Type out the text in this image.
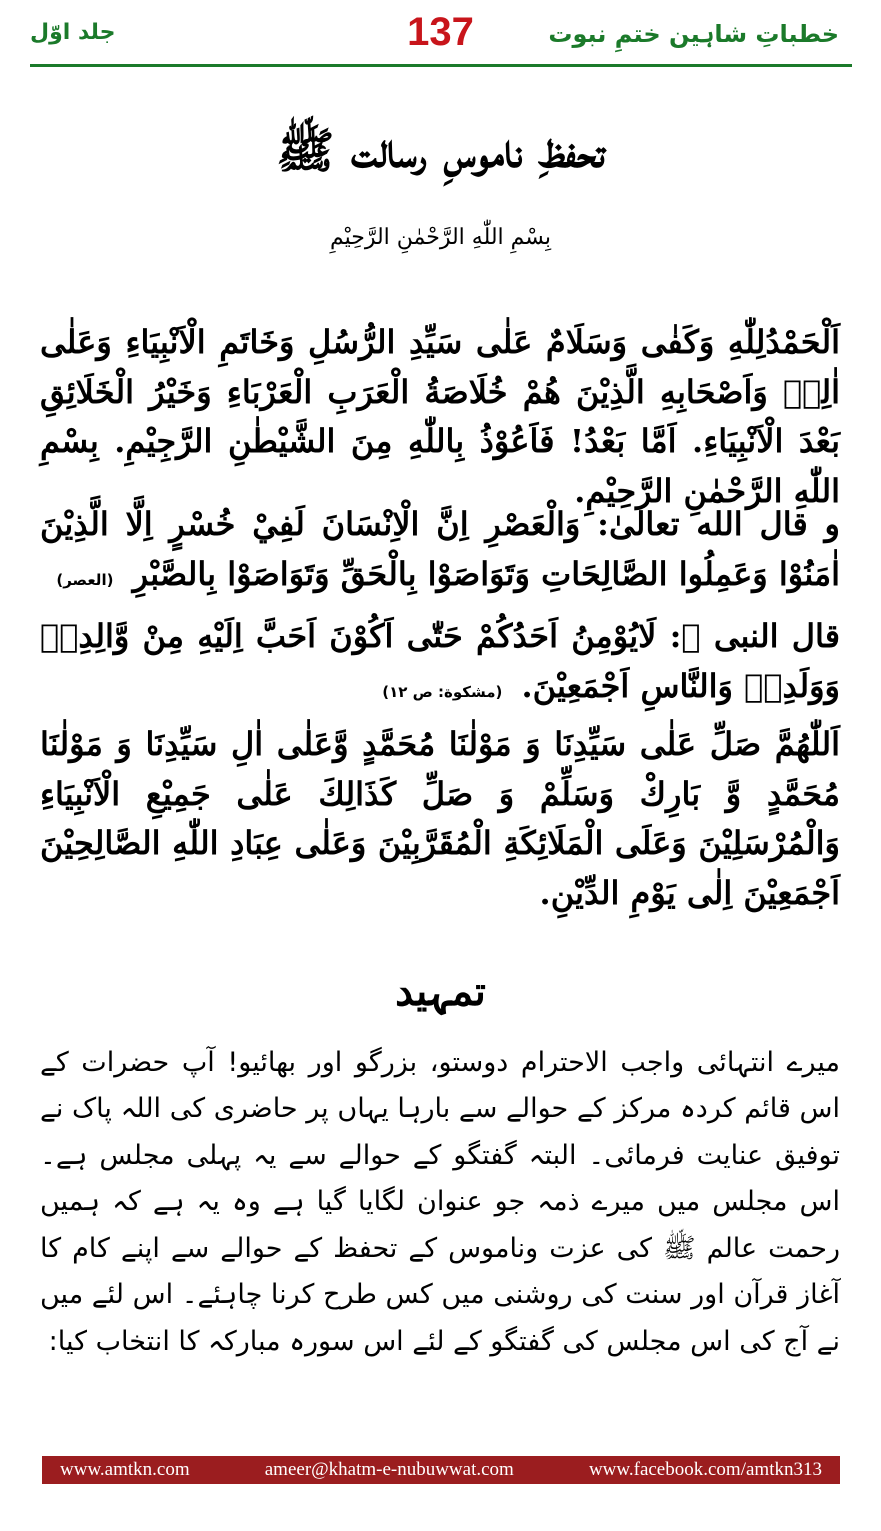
خطباتِ شاہین ختمِ نبوت
137
جلد اوّل
تحفظِ ناموسِ رسالت ﷺ
بِسْمِ اللّٰهِ الرَّحْمٰنِ الرَّحِيْمِ
اَلْحَمْدُلِلّٰهِ وَكَفٰى وَسَلَامٌ عَلٰى سَيِّدِ الرُّسُلِ وَخَاتَمِ الْاَنْبِيَاءِ وَعَلٰى اٰلِهٖ وَاَصْحَابِهِ الَّذِيْنَ هُمْ خُلَاصَةُ الْعَرَبِ الْعَرْبَاءِ وَخَيْرُ الْخَلَائِقِ بَعْدَ الْاَنْبِيَاءِ. اَمَّا بَعْدُ! فَاَعُوْذُ بِاللّٰهِ مِنَ الشَّيْطٰنِ الرَّجِيْمِ. بِسْمِ اللّٰهِ الرَّحْمٰنِ الرَّحِيْمِ.
و قال الله تعالىٰ: وَالْعَصْرِ اِنَّ الْاِنْسَانَ لَفِيْ خُسْرٍ اِلَّا الَّذِيْنَ اٰمَنُوْا وَعَمِلُوا الصَّالِحَاتِ وَتَوَاصَوْا بِالْحَقِّ وَتَوَاصَوْا بِالصَّبْرِ (العصر)
قال النبی ﷺ: لَايُوْمِنُ اَحَدُكُمْ حَتّٰى اَكُوْنَ اَحَبَّ اِلَيْهِ مِنْ وَّالِدِهٖ وَوَلَدِهٖ وَالنَّاسِ اَجْمَعِيْنَ. (مشکوة: ص ۱۲)
اَللّٰهُمَّ صَلِّ عَلٰى سَيِّدِنَا وَ مَوْلٰنَا مُحَمَّدٍ وَّعَلٰى اٰلِ سَيِّدِنَا وَ مَوْلٰنَا مُحَمَّدٍ وَّ بَارِكْ وَسَلِّمْ وَ صَلِّ كَذَالِكَ عَلٰى جَمِيْعِ الْاَنْبِيَاءِ وَالْمُرْسَلِيْنَ وَعَلَى الْمَلَائِكَةِ الْمُقَرَّبِيْنَ وَعَلٰى عِبَادِ اللّٰهِ الصَّالِحِيْنَ اَجْمَعِيْنَ اِلٰى يَوْمِ الدِّيْنِ.
تمہید
میرے انتہائی واجب الاحترام دوستو، بزرگو اور بھائیو! آپ حضرات کے اس قائم کردہ مرکز کے حوالے سے بارہا یہاں پر حاضری کی اللہ پاک نے توفیق عنایت فرمائی۔ البتہ گفتگو کے حوالے سے یہ پہلی مجلس ہے۔ اس مجلس میں میرے ذمہ جو عنوان لگایا گیا ہے وہ یہ ہے کہ ہمیں رحمت عالم ﷺ کی عزت وناموس کے تحفظ کے حوالے سے اپنے کام کا آغاز قرآن اور سنت کی روشنی میں کس طرح کرنا چاہئے۔ اس لئے میں نے آج کی اس مجلس کی گفتگو کے لئے اس سورہ مبارکہ کا انتخاب کیا:
www.amtkn.com	ameer@khatm-e-nubuwwat.com	www.facebook.com/amtkn313
